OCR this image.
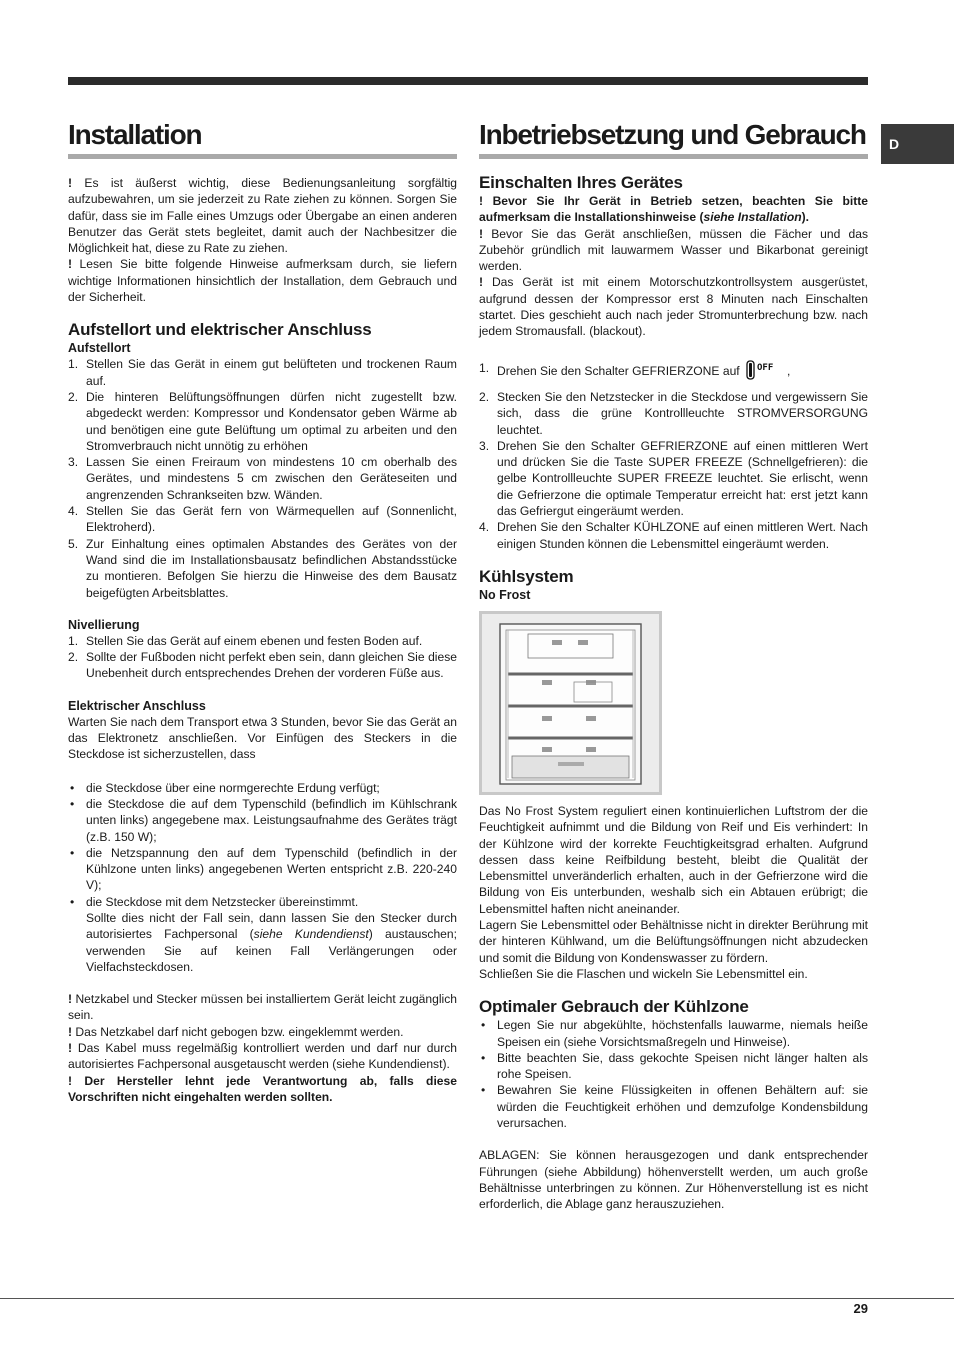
D
Installation

! Es ist äußerst wichtig, diese Bedienungsanleitung sorgfältig aufzubewahren, um sie jederzeit zu Rate ziehen zu können. Sorgen Sie dafür, dass sie im Falle eines Umzugs oder Übergabe an einen anderen Benutzer das Gerät stets begleitet, damit auch der Nachbesitzer die Möglichkeit hat, diese zu Rate zu ziehen.

! Lesen Sie bitte folgende Hinweise aufmerksam durch, sie liefern wichtige Informationen hinsichtlich der Installation, dem Gebrauch und der Sicherheit.

Aufstellort und elektrischer Anschluss
Aufstellort
1. Stellen Sie das Gerät in einem gut belüfteten und trockenen Raum auf.
2. Die hinteren Belüftungsöffnungen dürfen nicht zugestellt bzw. abgedeckt werden: Kompressor und Kondensator geben Wärme ab und benötigen eine gute Belüftung um optimal zu arbeiten und den Stromverbrauch nicht unnötig zu erhöhen
3. Lassen Sie einen Freiraum von mindestens 10 cm oberhalb des Gerätes, und mindestens 5 cm zwischen den Geräteseiten und angrenzenden Schrankseiten bzw. Wänden.
4. Stellen Sie das Gerät fern von Wärmequellen auf (Sonnenlicht, Elektroherd).
5. Zur Einhaltung eines optimalen Abstandes des Gerätes von der Wand sind die im Installationsbausatz befindlichen Abstandsstücke zu montieren. Befolgen Sie hierzu die Hinweise des dem Bausatz beigefügten Arbeitsblattes.
Nivellierung
1. Stellen Sie das Gerät auf einem ebenen und festen Boden auf.
2. Sollte der Fußboden nicht perfekt eben sein, dann gleichen Sie diese Unebenheit durch entsprechendes Drehen der vorderen Füße aus.
Elektrischer Anschluss

Warten Sie nach dem Transport etwa 3 Stunden, bevor Sie das Gerät an das Elektronetz anschließen. Vor Einfügen des Steckers in die Steckdose ist sicherzustellen, dass

• die Steckdose über eine normgerechte Erdung verfügt;
• die Steckdose die auf dem Typenschild (befindlich im Kühlschrank unten links) angegebene max. Leistungsaufnahme des Gerätes trägt (z.B. 150 W);
• die Netzspannung den auf dem Typenschild (befindlich in der Kühlzone unten links) angegebenen Werten entspricht z.B. 220-240 V);
• die Steckdose mit dem Netzstecker übereinstimmt.

Sollte dies nicht der Fall sein, dann lassen Sie den Stecker durch autorisiertes Fachpersonal (siehe Kundendienst) austauschen; verwenden Sie auf keinen Fall Verlängerungen oder Vielfachsteckdosen.

! Netzkabel und Stecker müssen bei installiertem Gerät leicht zugänglich sein.

! Das Netzkabel darf nicht gebogen bzw. eingeklemmt werden.

! Das Kabel muss regelmäßig kontrolliert werden und darf nur durch autorisiertes Fachpersonal ausgetauscht werden (siehe Kundendienst).

! Der Hersteller lehnt jede Verantwortung ab, falls diese Vorschriften nicht eingehalten werden sollten.

Inbetriebsetzung und Gebrauch
Einschalten Ihres Gerätes

! Bevor Sie Ihr Gerät in Betrieb setzen, beachten Sie bitte aufmerksam die Installationshinweise (siehe Installation).

! Bevor Sie das Gerät anschließen, müssen die Fächer und das Zubehör gründlich mit lauwarmem Wasser und Bikarbonat gereinigt werden.

! Das Gerät ist mit einem Motorschutzkontrollsystem ausgerüstet, aufgrund dessen der Kompressor erst 8 Minuten nach Einschalten startet. Dies geschieht auch nach jeder Stromunterbrechung bzw. nach jedem Stromausfall. (blackout).

1. Drehen Sie den Schalter GEFRIERZONE auf OFF ,
2. Stecken Sie den Netzstecker in die Steckdose und vergewissern Sie sich, dass die grüne Kontrollleuchte STROMVERSORGUNG leuchtet.
3. Drehen Sie den Schalter GEFRIERZONE auf einen mittleren Wert und drücken Sie die Taste SUPER FREEZE (Schnellgefrieren): die gelbe Kontrollleuchte SUPER FREEZE leuchtet. Sie erlischt, wenn die Gefrierzone die optimale Temperatur erreicht hat: erst jetzt kann das Gefriergut eingeräumt werden.
4. Drehen Sie den Schalter KÜHLZONE auf einen mittleren Wert. Nach einigen Stunden können die Lebensmittel eingeräumt werden.
Kühlsystem
No Frost

Das No Frost System reguliert einen kontinuierlichen Luftstrom der die Feuchtigkeit aufnimmt und die Bildung von Reif und Eis verhindert: In der Kühlzone wird der korrekte Feuchtigkeitsgrad erhalten. Aufgrund dessen dass keine Reifbildung besteht, bleibt die Qualität der Lebensmittel unveränderlich erhalten, auch in der Gefrierzone wird die Bildung von Eis unterbunden, weshalb sich ein Abtauen erübrigt; die Lebensmittel haften nicht aneinander.

Lagern Sie Lebensmittel oder Behältnisse nicht in direkter Berührung mit der hinteren Kühlwand, um die Belüftungsöffnungen nicht abzudecken und somit die Bildung von Kondenswasser zu fördern.

Schließen Sie die Flaschen und wickeln Sie Lebensmittel ein.

Optimaler Gebrauch der Kühlzone
• Legen Sie nur abgekühlte, höchstenfalls lauwarme, niemals heiße Speisen ein (siehe Vorsichtsmaßregeln und Hinweise).
• Bitte beachten Sie, dass gekochte Speisen nicht länger halten als rohe Speisen.
• Bewahren Sie keine Flüssigkeiten in offenen Behältern auf: sie würden die Feuchtigkeit erhöhen und demzufolge Kondensbildung verursachen.

ABLAGEN: Sie können herausgezogen und dank entsprechender Führungen (siehe Abbildung) höhenverstellt werden, um auch große Behältnisse unterbringen zu können. Zur Höhenverstellung ist es nicht erforderlich, die Ablage ganz herauszuziehen.

29
